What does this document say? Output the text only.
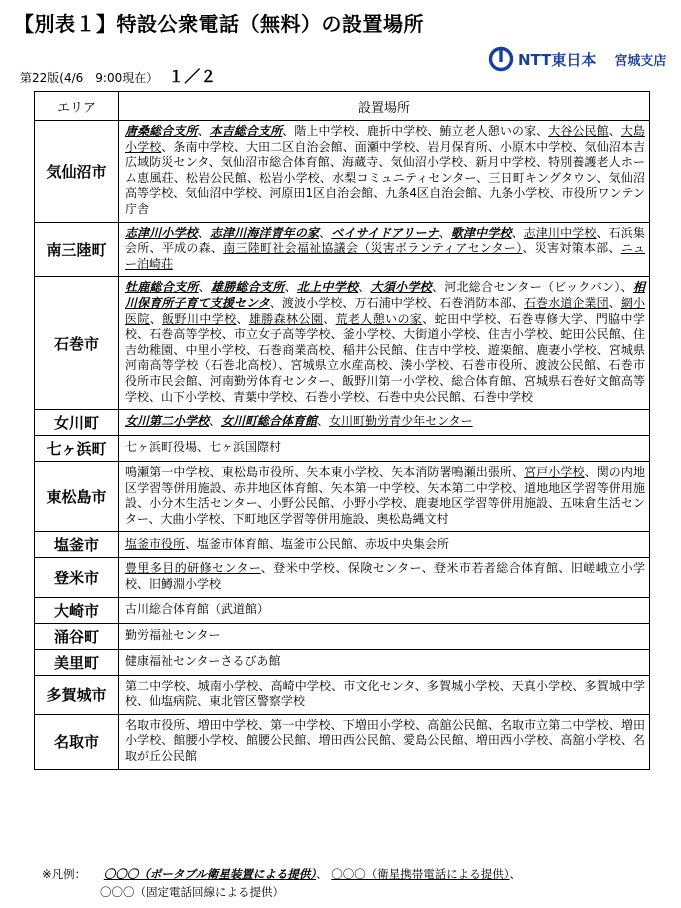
【別表１】特設公衆電話（無料）の設置場所
NTT東日本 宮城支店
第22版(4/6　9:00現在） １／２
エリア	設置場所
気仙沼市	唐桑総合支所、本吉総合支所、階上中学校、鹿折中学校、鮪立老人憩いの家、大谷公民館、大島小学校、条南中学校、大田二区自治会館、面瀬中学校、岩月保育所、小原木中学校、気仙沼本吉広域防災センタ、気仙沼市総合体育館、海蔵寺、気仙沼小学校、新月中学校、特別養護老人ホーム恵風荘、松岩公民館、松岩小学校、水梨コミュニティセンター、三日町キングタウン、気仙沼高等学校、気仙沼中学校、河原田1区自治会館、九条4区自治会館、九条小学校、市役所ワンテン庁舎
南三陸町	志津川小学校、志津川海洋青年の家、ベイサイドアリーナ、歌津中学校、志津川中学校、石浜集会所、平成の森、南三陸町社会福祉協議会（災害ボランティアセンター）、災害対策本部、ニュー泊崎荘
石巻市	牡鹿総合支所、雄勝総合支所、北上中学校、大須小学校、河北総合センター（ビックバン）、相川保育所子育て支援センタ、渡波小学校、万石浦中学校、石巻消防本部、石巻水道企業団、網小医院、飯野川中学校、雄勝森林公園、荒老人憩いの家、蛇田中学校、石巻専修大学、門脇中学校、石巻高等学校、市立女子高等学校、釜小学校、大街道小学校、住吉小学校、蛇田公民館、住吉幼稚園、中里小学校、石巻商業高校、稲井公民館、住吉中学校、遊楽館、鹿妻小学校、宮城県河南高等学校（石巻北高校）、宮城県立水産高校、湊小学校、石巻市役所、渡波公民館、石巻市役所市民会館、河南勤労体育センター、飯野川第一小学校、総合体育館、宮城県石巻好文館高等学校、山下小学校、青葉中学校、石巻小学校、石巻中央公民館、石巻中学校
女川町	女川第二小学校、女川町総合体育館、女川町勤労青少年センター
七ヶ浜町	七ヶ浜町役場、七ヶ浜国際村
東松島市	鳴瀬第一中学校、東松島市役所、矢本東小学校、矢本消防署鳴瀬出張所、宮戸小学校、関の内地区学習等併用施設、赤井地区体育館、矢本第一中学校、矢本第二中学校、道地地区学習等併用施設、小分木生活センター、小野公民館、小野小学校、鹿妻地区学習等併用施設、五味倉生活センター、大曲小学校、下町地区学習等併用施設、奥松島縄文村
塩釜市	塩釜市役所、塩釜市体育館、塩釜市公民館、赤坂中央集会所
登米市	豊里多目的研修センター、登米中学校、保険センター、登米市若者総合体育館、旧嵯峨立小学校、旧鱒淵小学校
大崎市	古川総合体育館（武道館）
涌谷町	勤労福祉センター
美里町	健康福祉センターさるびあ館
多賀城市	第二中学校、城南小学校、高崎中学校、市文化センタ、多賀城小学校、天真小学校、多賀城中学校、仙塩病院、東北管区警察学校
名取市	名取市役所、増田中学校、第一中学校、下増田小学校、高舘公民館、名取市立第二中学校、増田小学校、館腰小学校、館腰公民館、増田西公民館、愛島公民館、増田西小学校、高舘小学校、名取が丘公民館
※凡例： 〇〇〇（ポータブル衛星装置による提供）、 〇〇〇（衛星携帯電話による提供）、
〇〇〇（固定電話回線による提供）
